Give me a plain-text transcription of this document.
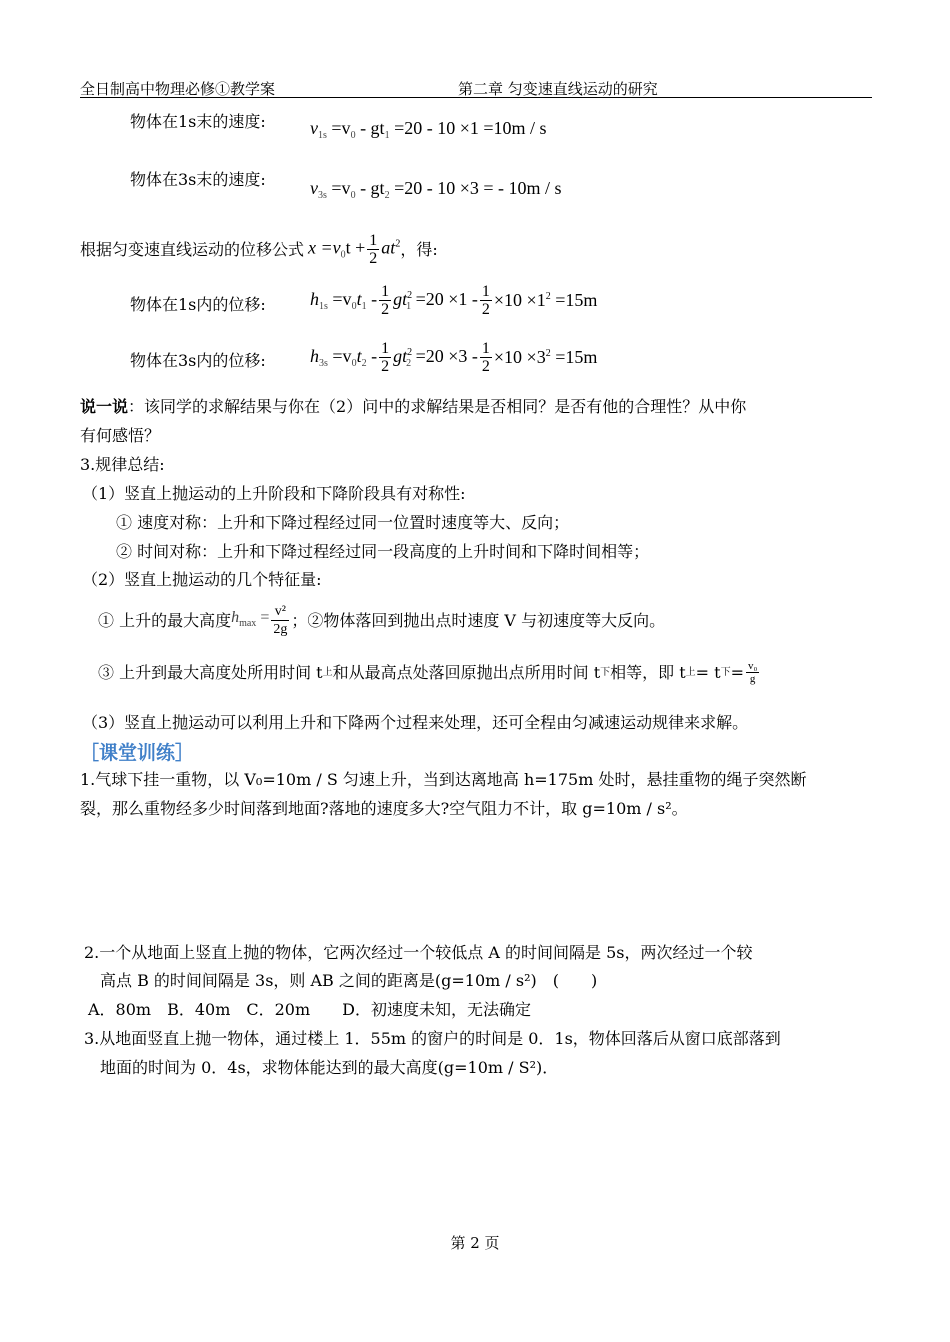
全日制高中物理必修①教学案	第二章 匀变速直线运动的研究
物体在1s末的速度: $v_{1s} =v_0 - gt_1 =20 - 10 \times 1 =10m / s$
物体在3s末的速度: $v_{3s} =v_0 - gt_2 =20 - 10 \times 3$ = - 10m / s
根据匀变速直线运动的位移公式 $x =v_0t + \frac{1}{2} at^2$ ，得:
物体在1s内的位移: $h_{1s} =v_0t_1 - \frac{1}{2} gt^2_1 =20 \times 1 - \frac{1}{2} \times 10 \times 1^2 =15m$
物体在3s内的位移: $h_{3s} =v_0t_2 - \frac{1}{2} gt^2_2 =20 \times 3 - \frac{1}{2} \times 10 \times 3^2 =15m$
说一说：该同学的求解结果与你在（2）问中的求解结果是否相同？是否有他的合理性？从中你
有何感悟？
3.规律总结:
（1）竖直上抛运动的上升阶段和下降阶段具有对称性:
① 速度对称：上升和下降过程经过同一位置时速度等大、反向；
② 时间对称：上升和下降过程经过同一段高度的上升时间和下降时间相等；
（2）竖直上抛运动的几个特征量:
① 上升的最大高度 $h_{max} = \frac{\text{v²}}{2g}$ ；②物体落回到抛出点时速度 V 与初速度等大反向。
③ 上升到最大高度处所用时间 t 上 和从最高点处落回原抛出点所用时间 t 下 相等，即 t 上 = t 下 = $\frac{\text{v₀}}{g}$
（3）竖直上抛运动可以利用上升和下降两个过程来处理，还可全程由匀减速运动规律来求解。
［课堂训练］
1.气球下挂一重物，以 V₀=10m / S 匀速上升，当到达离地高 h=175m 处时，悬挂重物的绳子突然断
裂，那么重物经多少时间落到地面?落地的速度多大?空气阻力不计，取 g=10m / s²。
2.一个从地面上竖直上抛的物体，它两次经过一个较低点 A 的时间间隔是 5s，两次经过一个较
高点 B 的时间间隔是 3s，则 AB 之间的距离是(g=10m / s²)　(　　)
A．80m　B．40m　C．20m　　D．初速度未知，无法确定
3.从地面竖直上抛一物体，通过楼上 1．55m 的窗户的时间是 0．1s，物体回落后从窗口底部落到
地面的时间为 0．4s，求物体能达到的最大高度(g=10m / S²)．
第 2 页
